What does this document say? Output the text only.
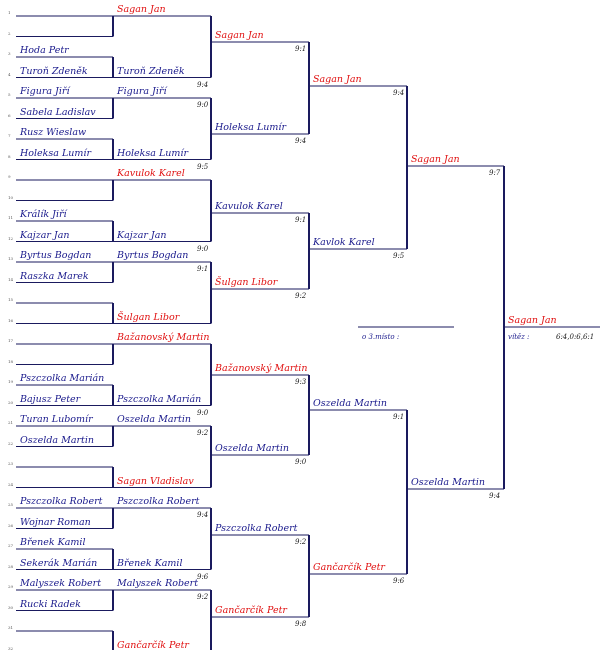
1
2
3 Hoda Petr
4 Turoň Zdeněk
5 Figura Jiří
6 Sabela Ladislav
7 Rusz Wieslaw
8 Holeksa Lumír
9
10
11 Králík Jiří
12 Kajzar Jan
13 Byrtus Bogdan
14 Raszka Marek
15
16
17
18
19 Pszczolka Marián
20 Bajusz Peter
21 Turan Lubomír
22 Oszelda Martin
23
24
25 Pszczolka Robert
26 Wojnar Roman
27 Břenek Kamil
28 Sekerák Marián
29 Malyszek Robert
30 Rucki Radek
31
32
Sagan Jan
Turoň Zdeněk
9:4
Figura Jiří
9:0
Holeksa Lumír
9:5
Kavulok Karel
Kajzar Jan
9:0
Byrtus Bogdan
9:1
Šulgan Libor
Bažanovský Martin
Pszczolka Marián
9:0
Oszelda Martin
9:2
Sagan Vladislav
Pszczolka Robert
9:4
Břenek Kamil
9:6
Malyszek Robert
9:2
Gančarčík Petr
Sagan Jan
9:1
Holeksa Lumír
9:4
Kavulok Karel
9:1
Šulgan Libor
9:2
Bažanovský Martin
9:3
Oszelda Martin
9:0
Pszczolka Robert
9:2
Gančarčík Petr
9:8
Sagan Jan
9:4
Kavlok Karel
9:5
Oszelda Martin
9:1
Gančarčík Petr
9:6
Sagan Jan
9:7
Oszelda Martin
9:4
Sagan Jan
vítěz :	6:4,0:6,6:1
o 3.místo :
